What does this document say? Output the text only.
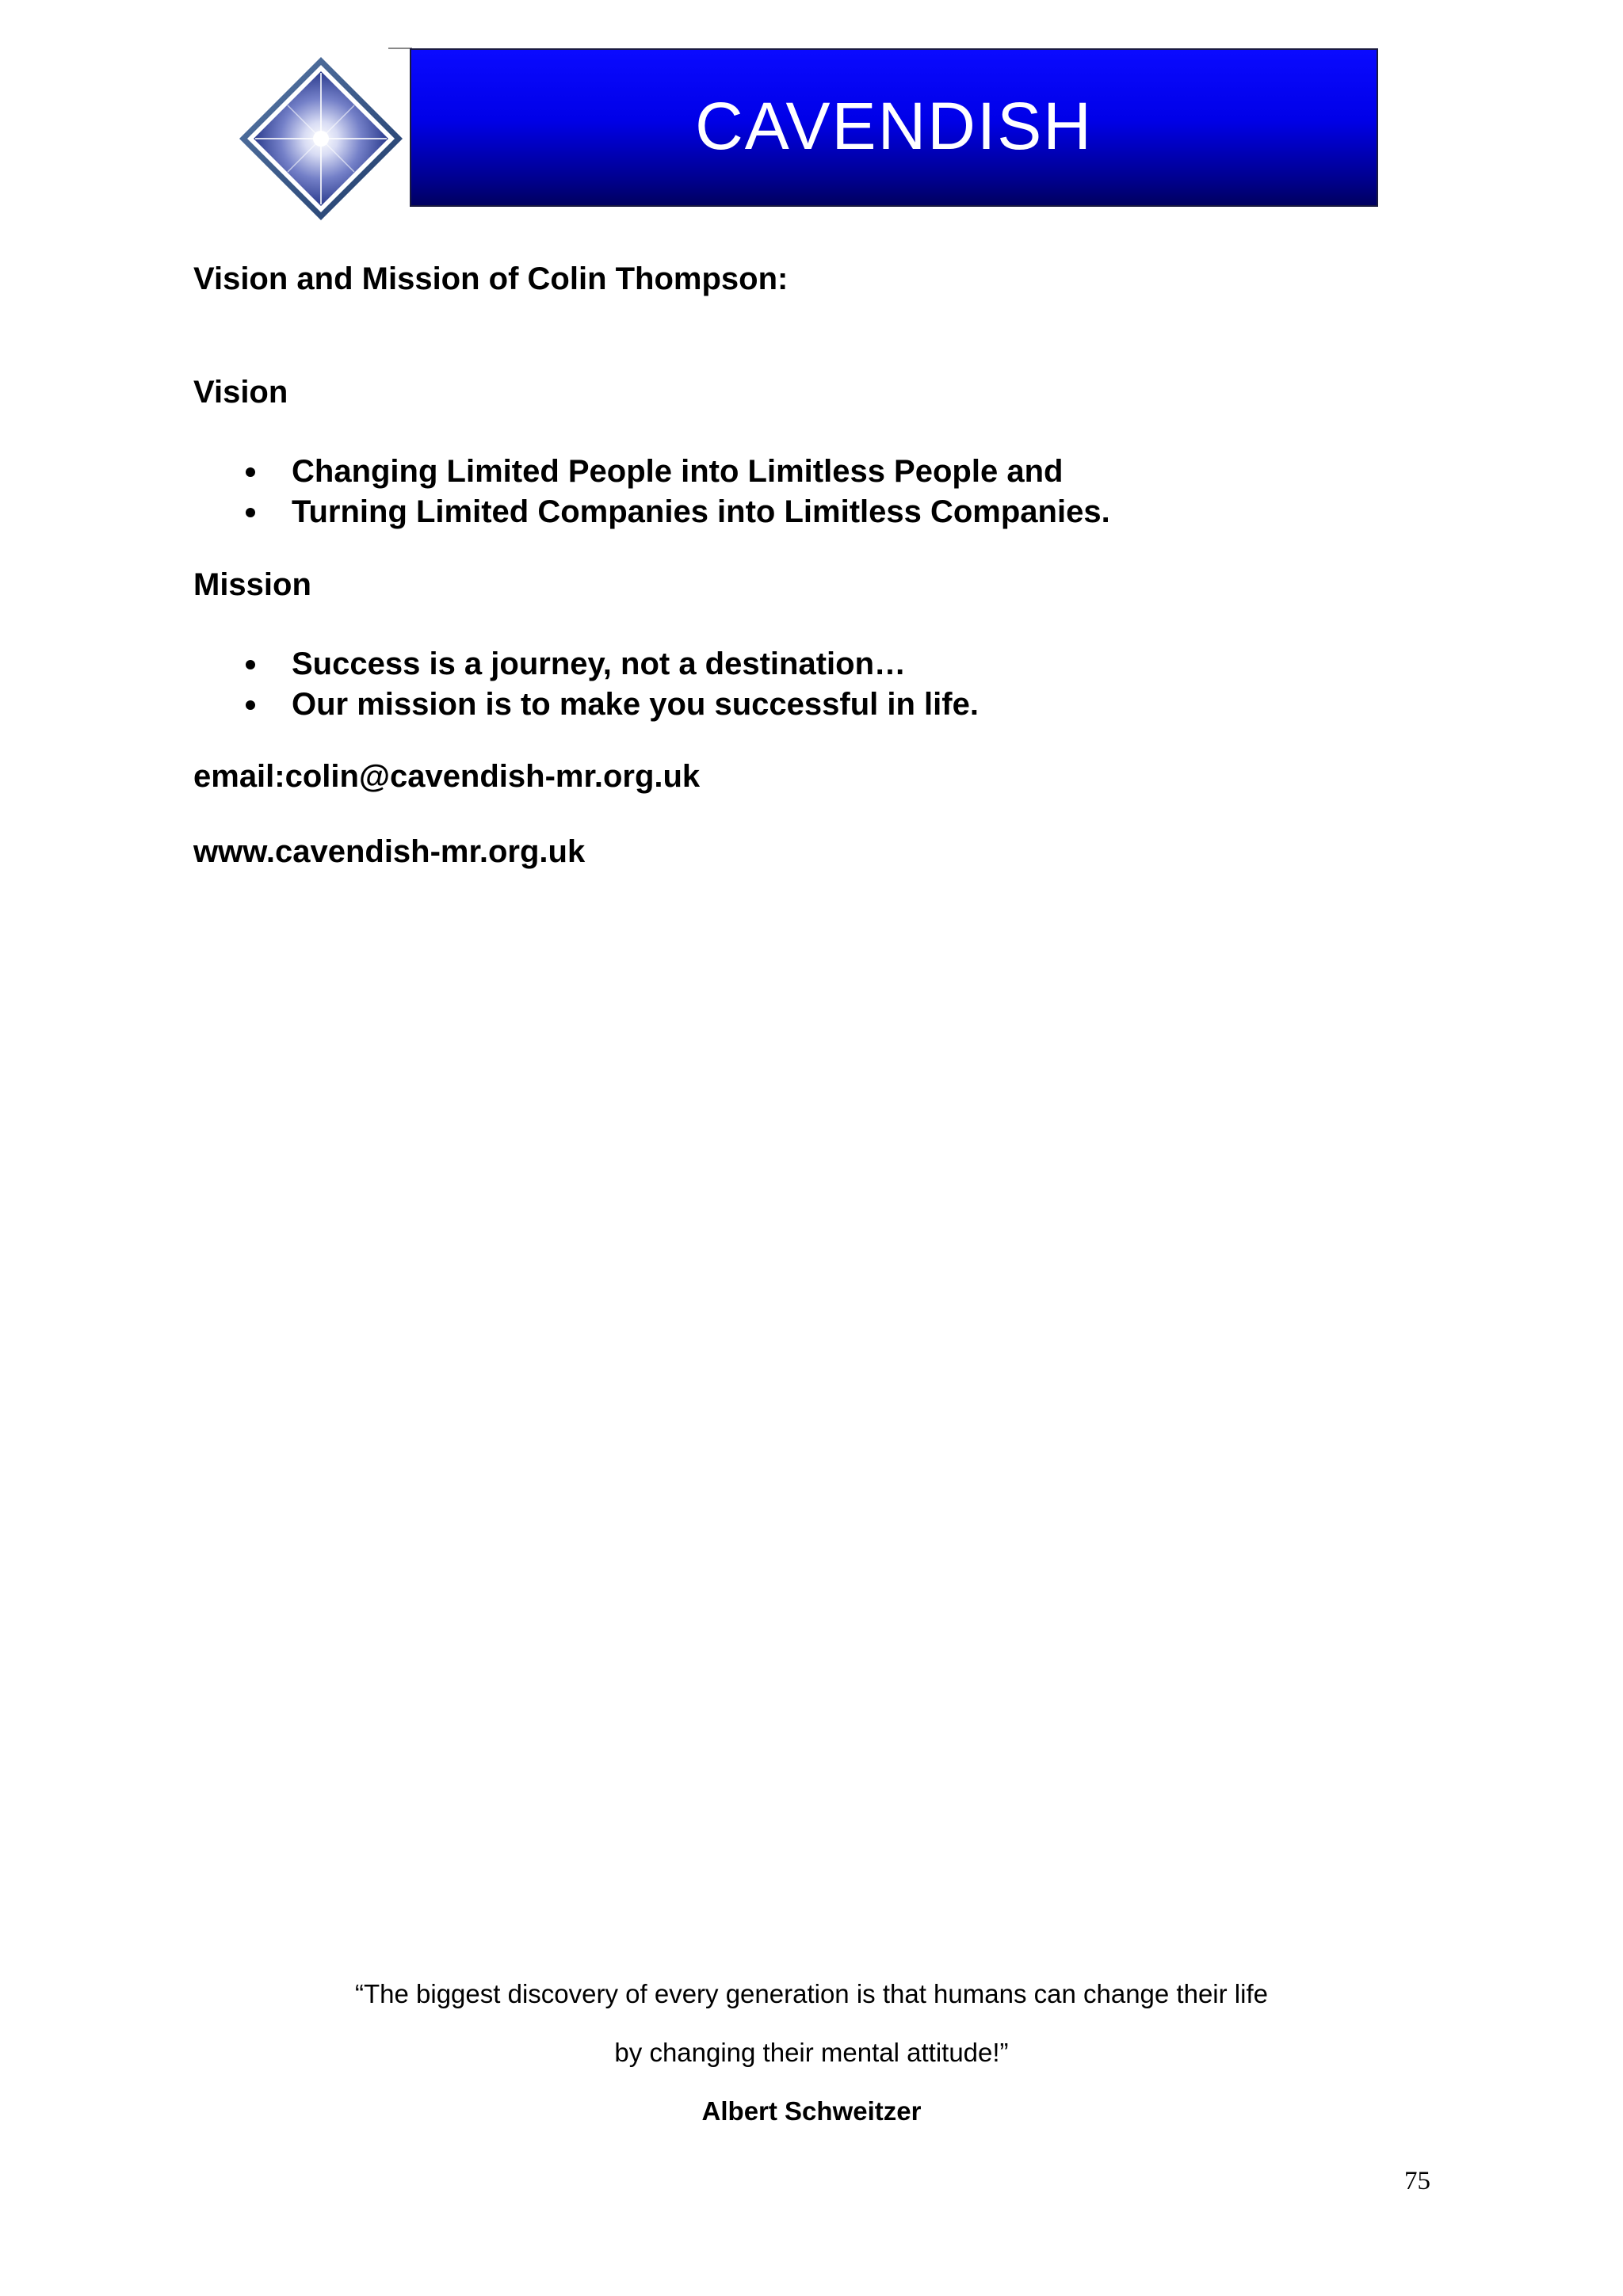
CAVENDISH
Vision and Mission of Colin Thompson:
Vision
Changing Limited People into Limitless People and
Turning Limited Companies into Limitless Companies.
Mission
Success is a journey, not a destination…
Our mission is to make you successful in life.
email:colin@cavendish-mr.org.uk
www.cavendish-mr.org.uk
“The biggest discovery of every generation is that humans can change their life
by changing their mental attitude!”
Albert Schweitzer
75
